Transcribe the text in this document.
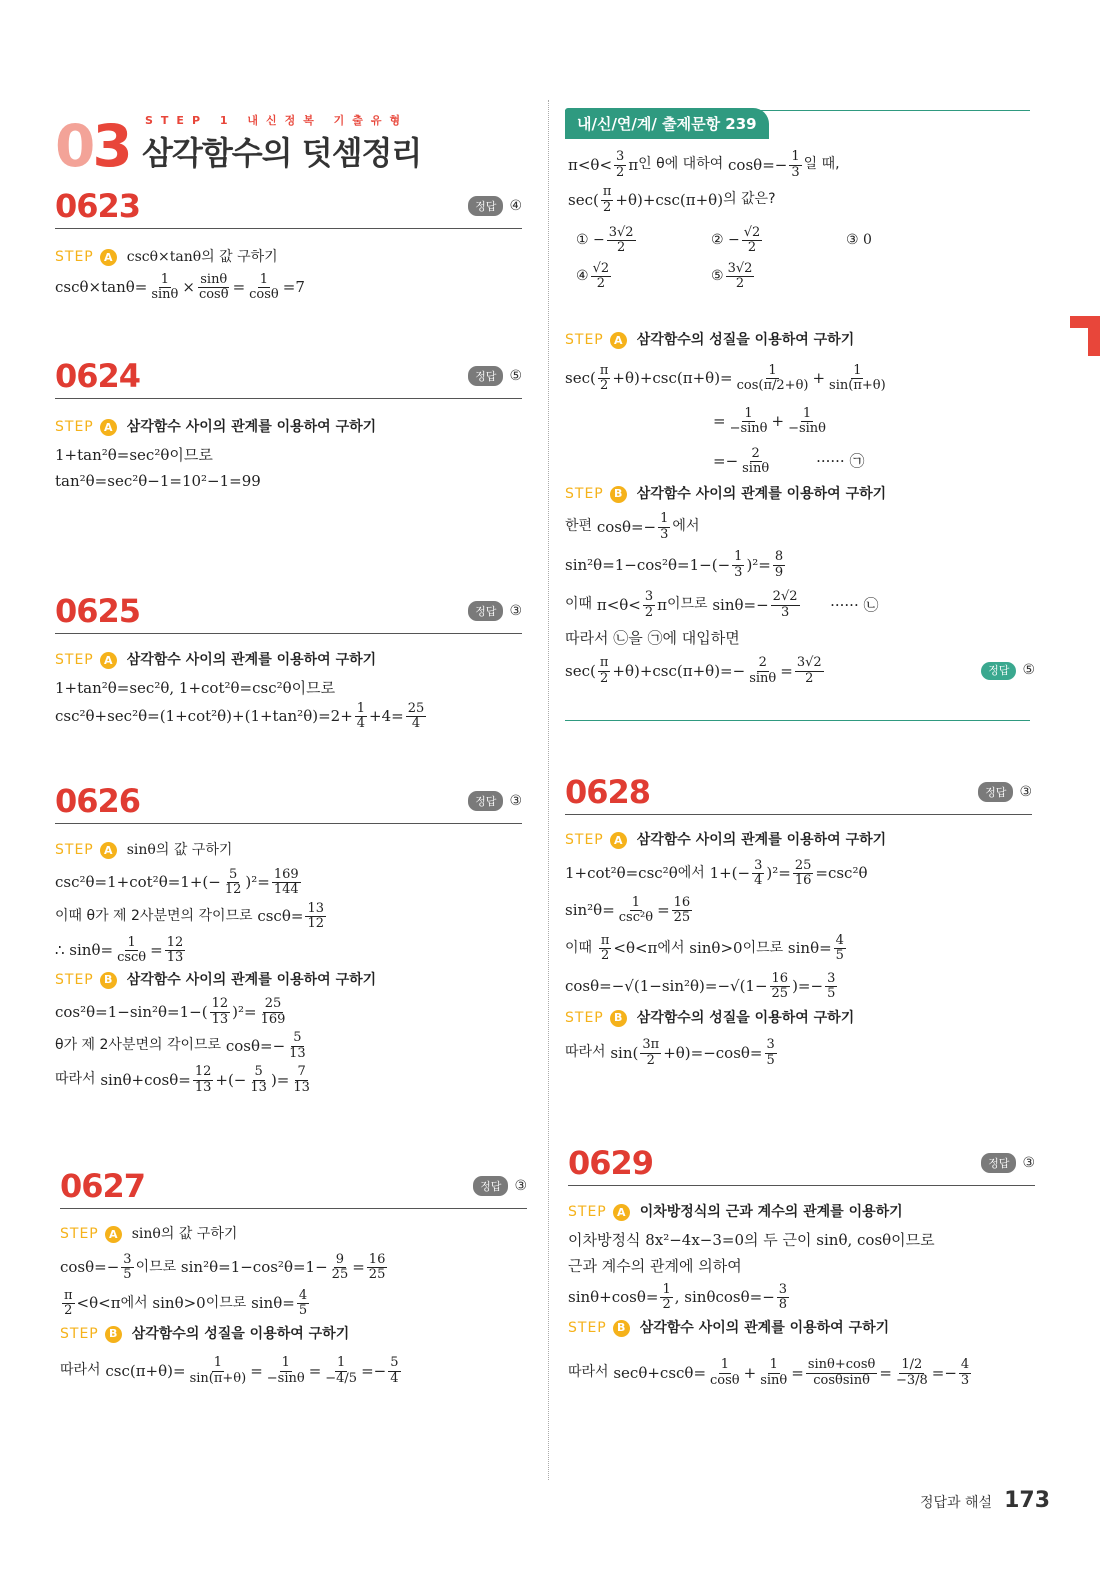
03 STEP 1 내신정복 기출유형
삼각함수의 덧셈정리
0623	정답 ④
STEP A	cscθ×tanθ의 값 구하기
$\csc\theta\times\tan\theta= \frac{1}{\sin\theta} \times \frac{\sin\theta}{\cos\theta} = \frac{1}{\cos\theta} =7$
0624	정답 ⑤
STEP A	삼각함수 사이의 관계를 이용하여 구하기
1+tan²θ=sec²θ이므로
tan²θ=sec²θ−1=10²−1=99
0625	정답 ③
STEP A	삼각함수 사이의 관계를 이용하여 구하기
1+tan²θ=sec²θ, 1+cot²θ=csc²θ이므로
$\csc^2\theta+\sec^2\theta=(1+\cot^2\theta)+(1+\tan^2\theta)=2+ \frac{1}{4} +4= \frac{25}{4}$
0626	정답 ③
STEP A	sinθ의 값 구하기
$\csc^2\theta=1+\cot^2\theta=1+(- \frac{5}{12} )^2= \frac{169}{144}$
이때 θ가 제 2사분면의 각이므로 $\csc\theta= \frac{13}{12}$
∴ $\sin\theta= \frac{1}{\csc\theta} = \frac{12}{13}$
STEP B	삼각함수 사이의 관계를 이용하여 구하기
$\cos^2\theta=1-\sin^2\theta=1-( \frac{12}{13} )^2= \frac{25}{169}$
θ가 제 2사분면의 각이므로 $\cos\theta=- \frac{5}{13}$
따라서 $\sin\theta+\cos\theta= \frac{12}{13}$ +(− $\frac{5}{13}$ )= $\frac{7}{13}$
0627	정답 ③
STEP A	sinθ의 값 구하기
$\cos\theta=- \frac{3}{5}$ 이므로 $\sin^2\theta=1-\cos^2\theta=1- \frac{9}{25} = \frac{16}{25}$
$\frac{\pi}{2} <\theta<\pi$ 에서 sinθ>0 이므로 $\sin\theta= \frac{4}{5}$
STEP B	삼각함수의 성질을 이용하여 구하기
따라서 $\csc(\pi+\theta)= \frac{1}{\sin(\pi+\theta)} = \frac{1}{-\sin\theta} = \frac{1}{-4/5} =- \frac{5}{4}$
내/신/연/계/ 출제문항 239
$\pi<\theta< \frac{3}{2}$ π 인 θ에 대하여 $\cos\theta=- \frac{1}{3}$ 일 때,
$\sec( \frac{\pi}{2} +\theta)+\csc(\pi+\theta)$ 의 값은?
① − $\frac{3√2}{2}$	② − $\frac{√2}{2}$	③ 0
④ $\frac{√2}{2}$	⑤ $\frac{3√2}{2}$
STEP A	삼각함수의 성질을 이용하여 구하기
$\sec( \frac{\pi}{2} +\theta)+\csc(\pi+\theta)= \frac{1}{\cos(\pi/2+\theta)} + \frac{1}{\sin(\pi+\theta)}$
= $\frac{1}{-\sin\theta} + \frac{1}{-\sin\theta}$
=− $\frac{2}{\sin\theta}$ ······ ㉠
STEP B	삼각함수 사이의 관계를 이용하여 구하기
한편 $\cos\theta=- \frac{1}{3}$ 에서
$\sin^2\theta=1-\cos^2\theta=1-(- \frac{1}{3} )^2= \frac{8}{9}$
이때 $\pi<\theta< \frac{3}{2}$ π 이므로 $\sin\theta=- \frac{2√2}{3}$ ······ ㉡
따라서 ㉡을 ㉠에 대입하면
$\sec( \frac{\pi}{2} +\theta)+\csc(\pi+\theta)=- \frac{2}{\sin\theta} = \frac{3√2}{2}$	정답 ⑤
0628	정답 ③
STEP A	삼각함수 사이의 관계를 이용하여 구하기
1+cot²θ=csc²θ 에서 $1+(- \frac{3}{4} )^2= \frac{25}{16} =\csc^2\theta$
$\sin^2\theta= \frac{1}{\text{csc²θ}} = \frac{16}{25}$
이때
$\frac{\pi}{2} <\theta<\pi$ 에서 sinθ>0 이므로 $\sin\theta= \frac{4}{5}$
$\cos\theta=-√(1-\sin^2\theta)=-√(1- \frac{16}{25}$ )=− $\frac{3}{5}$
STEP B	삼각함수의 성질을 이용하여 구하기
따라서 $\sin( \frac{3\pi}{2} +\theta)=-\cos\theta= \frac{3}{5}$
0629	정답 ③
STEP A	이차방정식의 근과 계수의 관계를 이용하기
이차방정식 8x²−4x−3=0의 두 근이 sinθ, cosθ이므로
근과 계수의 관계에 의하여
$\sin\theta+\cos\theta= \frac{1}{2}$ , $\sin\theta\cos\theta=- \frac{3}{8}$
STEP B	삼각함수 사이의 관계를 이용하여 구하기
따라서 $\sec\theta+\csc\theta= \frac{1}{\cos\theta} + \frac{1}{\sin\theta} = \frac{\sin\theta+\cos\theta}{\cos\theta\sin\theta} = \frac{1/2}{-3/8} =- \frac{4}{3}$
정답과 해설 173
